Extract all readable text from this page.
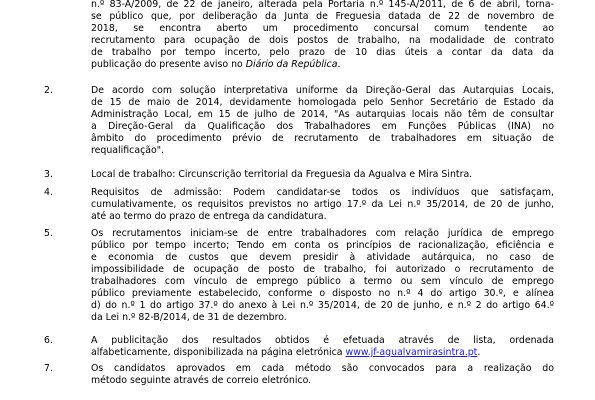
n.º 83-A/2009, de 22 de janeiro, alterada pela Portaria n.º 145-A/2011, de 6 de abril, torna-
se público que, por deliberação da Junta de Freguesia datada de 22 de novembro de
2018, se encontra aberto um procedimento concursal comum tendente ao
recrutamento para ocupação de dois postos de trabalho, na modalidade de contrato
de trabalho por tempo incerto, pelo prazo de 10 dias úteis a contar da data da
publicação do presente aviso no Diário da República.
2.	De acordo com solução interpretativa uniforme da Direção-Geral das Autarquias Locais,
de 15 de maio de 2014, devidamente homologada pelo Senhor Secretário de Estado da
Administração Local, em 15 de julho de 2014, "As autarquias locais não têm de consultar
a Direção-Geral da Qualificação dos Trabalhadores em Funções Públicas (INA) no
âmbito do procedimento prévio de recrutamento de trabalhadores em situação de
requalificação".
3.	Local de trabalho: Circunscrição territorial da Freguesia da Agualva e Mira Sintra.
4.	Requisitos de admissão: Podem candidatar-se todos os indivíduos que satisfaçam,
cumulativamente, os requisitos previstos no artigo 17.º da Lei n.º 35/2014, de 20 de junho,
até ao termo do prazo de entrega da candidatura.
5.	Os recrutamentos iniciam-se de entre trabalhadores com relação jurídica de emprego
público por tempo incerto; Tendo em conta os princípios de racionalização, eficiência e
e economia de custos que devem presidir à atividade autárquica, no caso de
impossibilidade de ocupação de posto de trabalho, foi autorizado o recrutamento de
trabalhadores com vínculo de emprego público a termo ou sem vínculo de emprego
público previamente estabelecido, conforme o disposto no n.º 4 do artigo 30.º, e alínea
d) do n.º 1 do artigo 37.º do anexo à Lei n.º 35/2014, de 20 de junho, e n.º 2 do artigo 64.º
da Lei n.º 82-B/2014, de 31 de dezembro.
6.	A publicitação dos resultados obtidos é efetuada através de lista, ordenada
alfabeticamente, disponibilizada na página eletrónica www.jf-agualvamirasintra.pt.
7.	Os candidatos aprovados em cada método são convocados para a realização do
método seguinte através de correio eletrónico.
